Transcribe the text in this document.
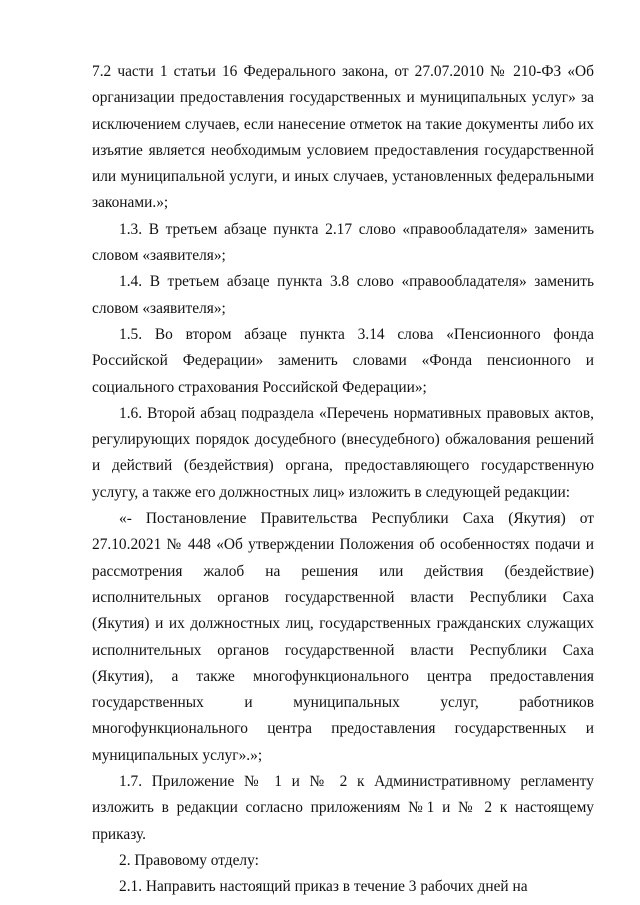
7.2 части 1 статьи 16 Федерального закона, от 27.07.2010 № 210-ФЗ «Об организации предоставления государственных и муниципальных услуг» за исключением случаев, если нанесение отметок на такие документы либо их изъятие является необходимым условием предоставления государственной или муниципальной услуги, и иных случаев, установленных федеральными законами.»;

1.3. В третьем абзаце пункта 2.17 слово «правообладателя» заменить словом «заявителя»;

1.4. В третьем абзаце пункта 3.8 слово «правообладателя» заменить словом «заявителя»;

1.5. Во втором абзаце пункта 3.14 слова «Пенсионного фонда Российской Федерации» заменить словами «Фонда пенсионного и социального страхования Российской Федерации»;

1.6. Второй абзац подраздела «Перечень нормативных правовых актов, регулирующих порядок досудебного (внесудебного) обжалования решений и действий (бездействия) органа, предоставляющего государственную услугу, а также его должностных лиц» изложить в следующей редакции:

«- Постановление Правительства Республики Саха (Якутия) от 27.10.2021 № 448 «Об утверждении Положения об особенностях подачи и рассмотрения жалоб на решения или действия (бездействие) исполнительных органов государственной власти Республики Саха (Якутия) и их должностных лиц, государственных гражданских служащих исполнительных органов государственной власти Республики Саха (Якутия), а также многофункционального центра предоставления государственных и муниципальных услуг, работников многофункционального центра предоставления государственных и муниципальных услуг».»;

1.7. Приложение № 1 и № 2 к Административному регламенту изложить в редакции согласно приложениям №1 и № 2 к настоящему приказу.

2. Правовому отделу:

2.1. Направить настоящий приказ в течение 3 рабочих дней на
